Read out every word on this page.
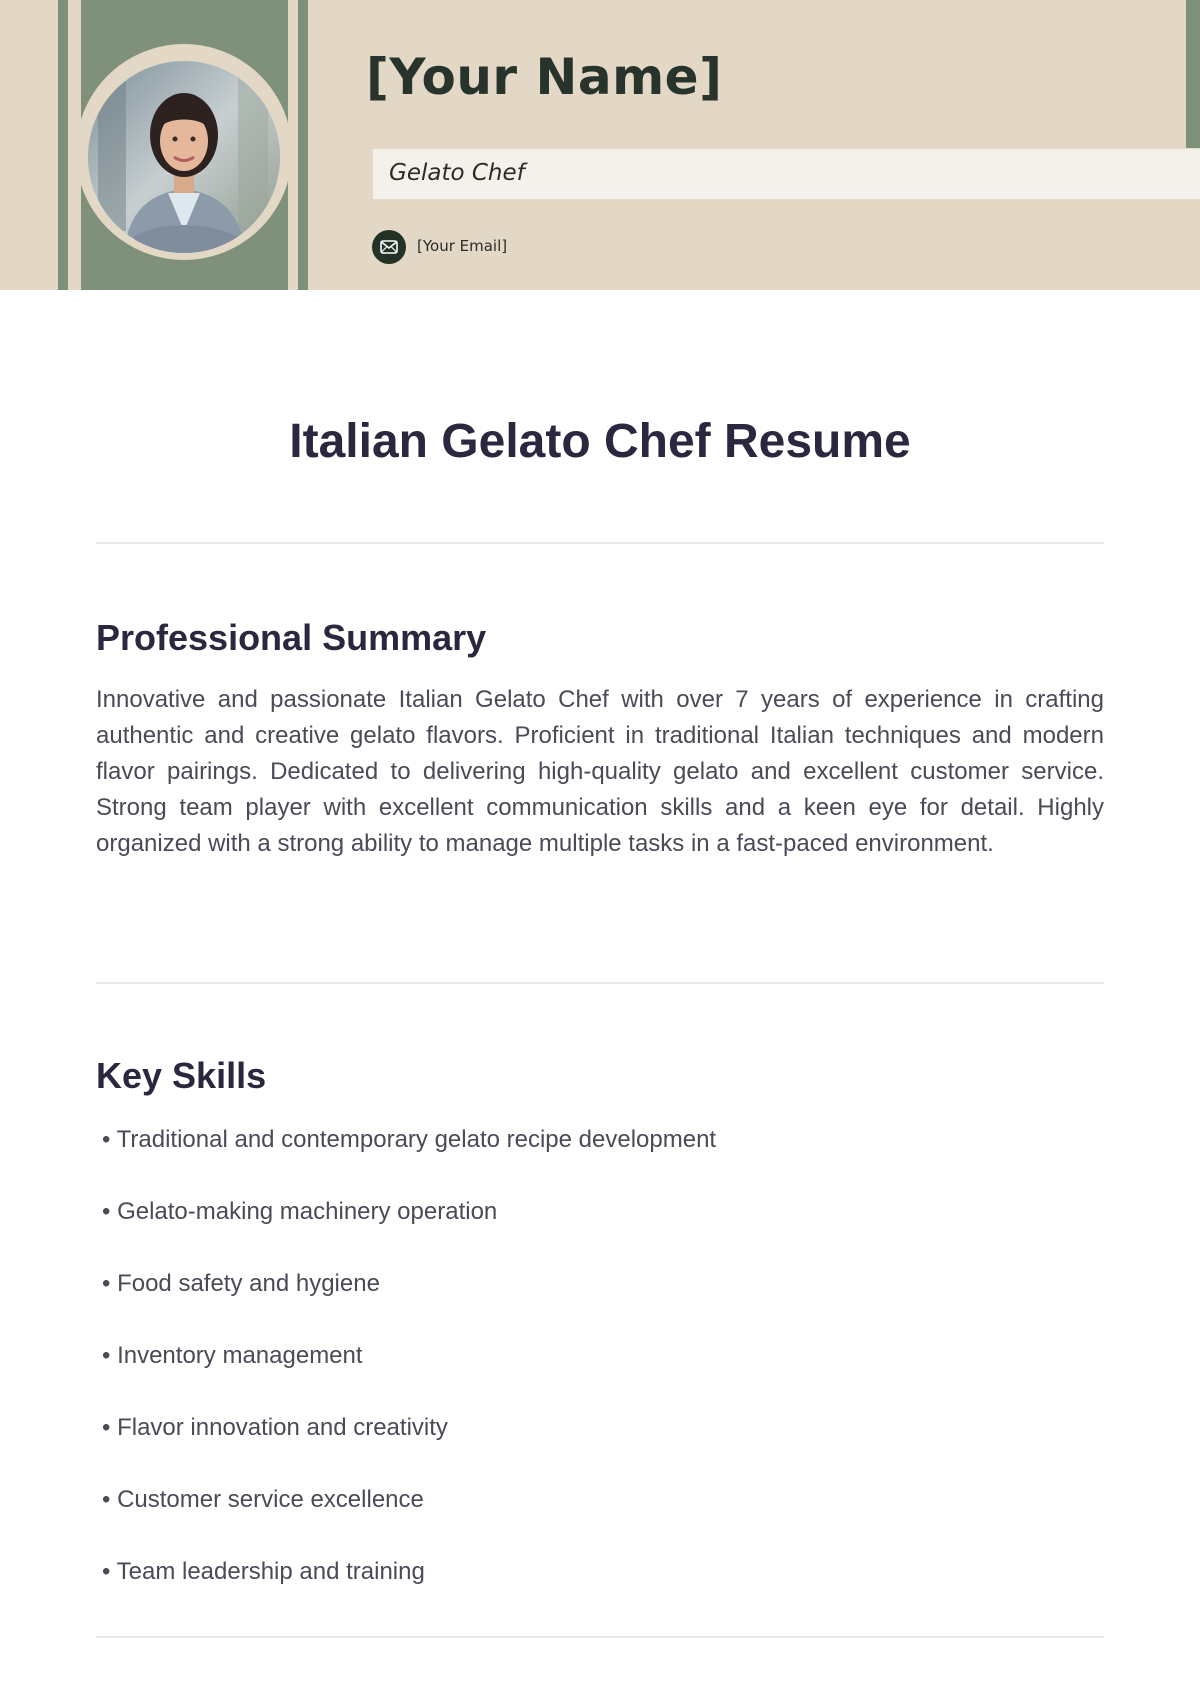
[Your Name]
Gelato Chef
[Your Email]
Italian Gelato Chef Resume
Professional Summary

Innovative and passionate Italian Gelato Chef with over 7 years of experience in crafting authentic and creative gelato flavors. Proficient in traditional Italian techniques and modern flavor pairings. Dedicated to delivering high-quality gelato and excellent customer service. Strong team player with excellent communication skills and a keen eye for detail. Highly organized with a strong ability to manage multiple tasks in a fast-paced environment.

Key Skills
• Traditional and contemporary gelato recipe development
• Gelato-making machinery operation
• Food safety and hygiene
• Inventory management
• Flavor innovation and creativity
• Customer service excellence
• Team leadership and training
